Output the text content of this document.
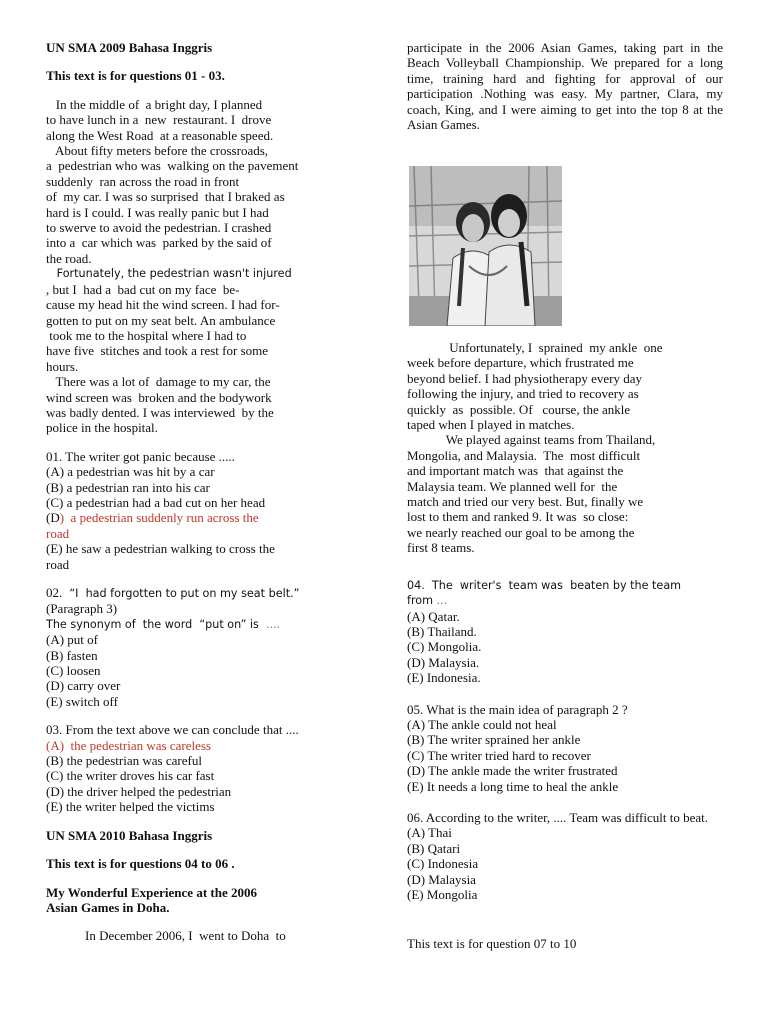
UN SMA 2009 Bahasa Inggris
This text is for questions 01 - 03.
In the middle of  a bright day, I planned
to have lunch in a  new  restaurant. I  drove
along the West Road  at a reasonable speed.
About fifty meters before the crossroads,
a  pedestrian who was  walking on the pavement
suddenly  ran across the road in front
of  my car. I was so surprised  that I braked as
hard is I could. I was really panic but I had
to swerve to avoid the pedestrian. I crashed
into a  car which was  parked by the said of
the road.
Fortunately, the pedestrian wasn't injured
, but I  had a  bad cut on my face  be-
cause my head hit the wind screen. I had for-
gotten to put on my seat belt. An ambulance
took me to the hospital where I had to
have five  stitches and took a rest for some
hours.
There was a lot of  damage to my car, the
wind screen was  broken and the bodywork
was badly dented. I was interviewed  by the
police in the hospital.
01. The writer got panic because .....
(A) a pedestrian was hit by a car
(B) a pedestrian ran into his car
(C) a pedestrian had a bad cut on her head
(D)  a pedestrian suddenly run across the
road
(E) he saw a pedestrian walking to cross the
road
02.  “I  had forgotten to put on my seat belt.”
(Paragraph 3)
The synonym of  the word  “put on” is  ....
(A) put of
(B) fasten
(C) loosen
(D) carry over
(E) switch off
03. From the text above we can conclude that ....
(A)  the pedestrian was careless
(B) the pedestrian was careful
(C) the writer droves his car fast
(D) the driver helped the pedestrian
(E) the writer helped the victims
UN SMA 2010 Bahasa Inggris
This text is for questions 04 to 06 .
My Wonderful Experience at the 2006
Asian Games in Doha.
In December 2006, I  went to Doha  to
participate in the 2006 Asian Games, taking part in the Beach Volleyball Championship. We prepared for a long time, training hard and fighting for approval of our participation .Nothing was easy. My partner, Clara, my coach, King, and I were aiming to get into the top 8 at the Asian Games.
Unfortunately, I  sprained  my ankle  one
week before departure, which frustrated me
beyond belief. I had physiotherapy every day
following the injury, and tried to recovery as
quickly  as  possible. Of   course, the ankle
taped when I played in matches.
We played against teams from Thailand,
Mongolia, and Malaysia.  The  most difficult
and important match was  that against the
Malaysia team. We planned well for  the
match and tried our very best. But, finally we
lost to them and ranked 9. It was  so close:
we nearly reached our goal to be among the
first 8 teams.
04.  The  writer's  team was  beaten by the team
from ...
(A) Qatar.
(B) Thailand.
(C) Mongolia.
(D) Malaysia.
(E) Indonesia.
05. What is the main idea of paragraph 2 ?
(A) The ankle could not heal
(B) The writer sprained her ankle
(C) The writer tried hard to recover
(D) The ankle made the writer frustrated
(E) It needs a long time to heal the ankle
06. According to the writer, .... Team was difficult to beat.
(A) Thai
(B) Qatari
(C) Indonesia
(D) Malaysia
(E) Mongolia
This text is for question 07 to 10
